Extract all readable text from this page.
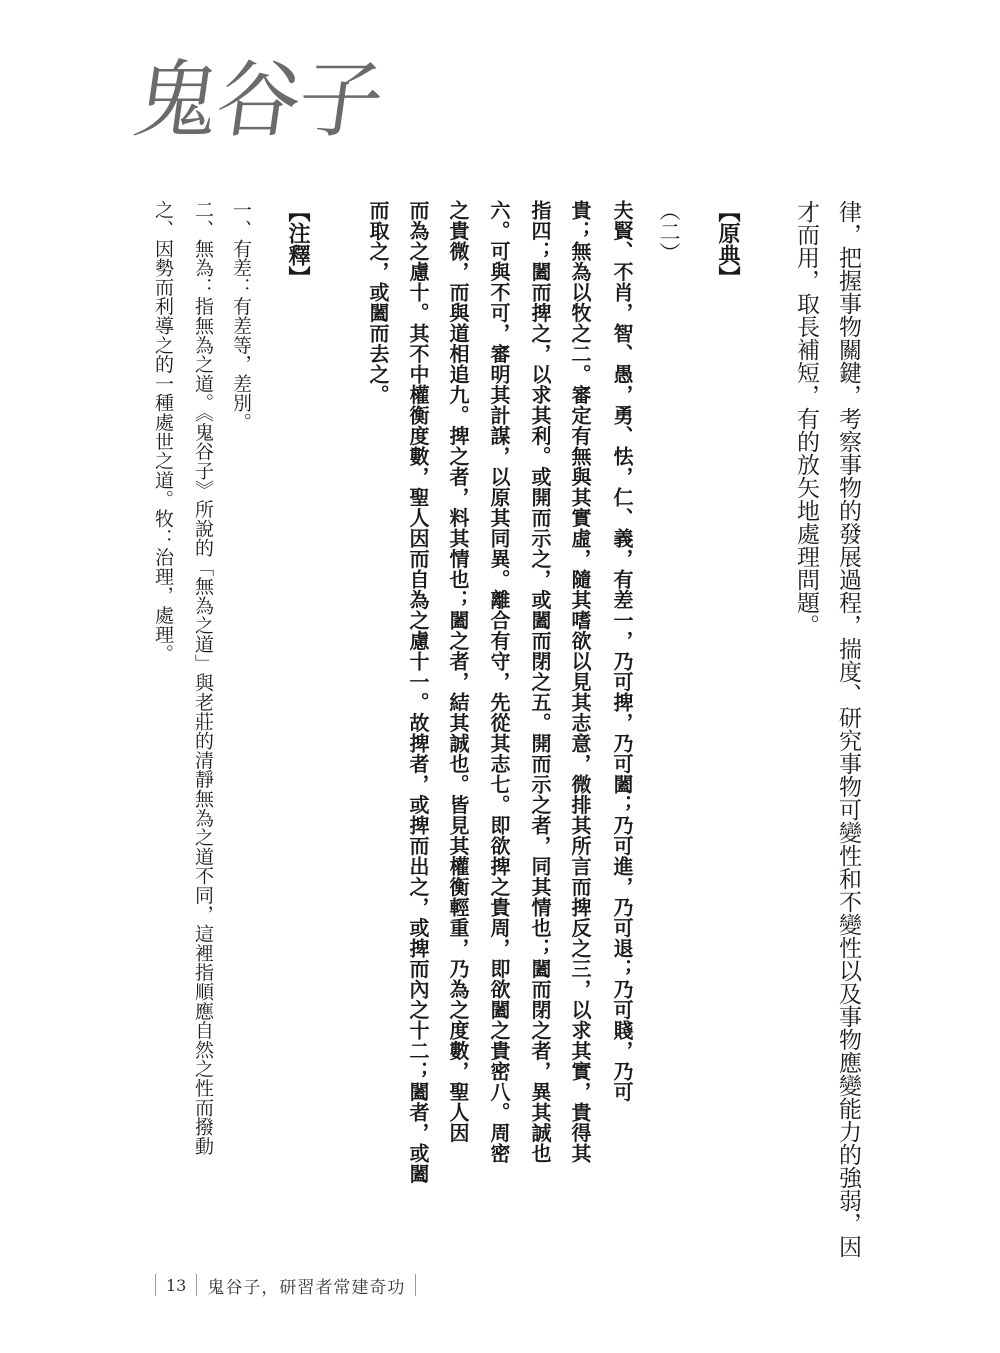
鬼谷子
律，把握事物關鍵，考察事物的發展過程，揣度、研究事物可變性和不變性以及事物應變能力的強弱，因
才而用，取長補短，有的放矢地處理問題。
【原典】
（二）
夫賢、不肖，智、愚，勇、怯，仁、義，有差一，乃可捭，乃可闔；乃可進，乃可退；乃可賤，乃可
貴；無為以牧之二。審定有無與其實虛，隨其嗜欲以見其志意，微排其所言而捭反之三，以求其實，貴得其
指四；闔而捭之，以求其利。或開而示之，或闔而閉之五。開而示之者，同其情也；闔而閉之者，異其誠也
六。可與不可，審明其計謀，以原其同異。離合有守，先從其志七。即欲捭之貴周，即欲闔之貴密八。周密
之貴微，而與道相追九。捭之者，料其情也；闔之者，結其誠也。皆見其權衡輕重，乃為之度數，聖人因
而為之慮十。其不中權衡度數，聖人因而自為之慮十一。故捭者，或捭而出之，或捭而內之十二；闔者，或闔
而取之，或闔而去之。
【注釋】
一、有差：有差等，差別。
二、無為：指無為之道。《鬼谷子》所說的「無為之道」與老莊的清靜無為之道不同，這裡指順應自然之性而撥動
之、因勢而利導之的一種處世之道。牧：治理，處理。
13 鬼谷子，研習者常建奇功
